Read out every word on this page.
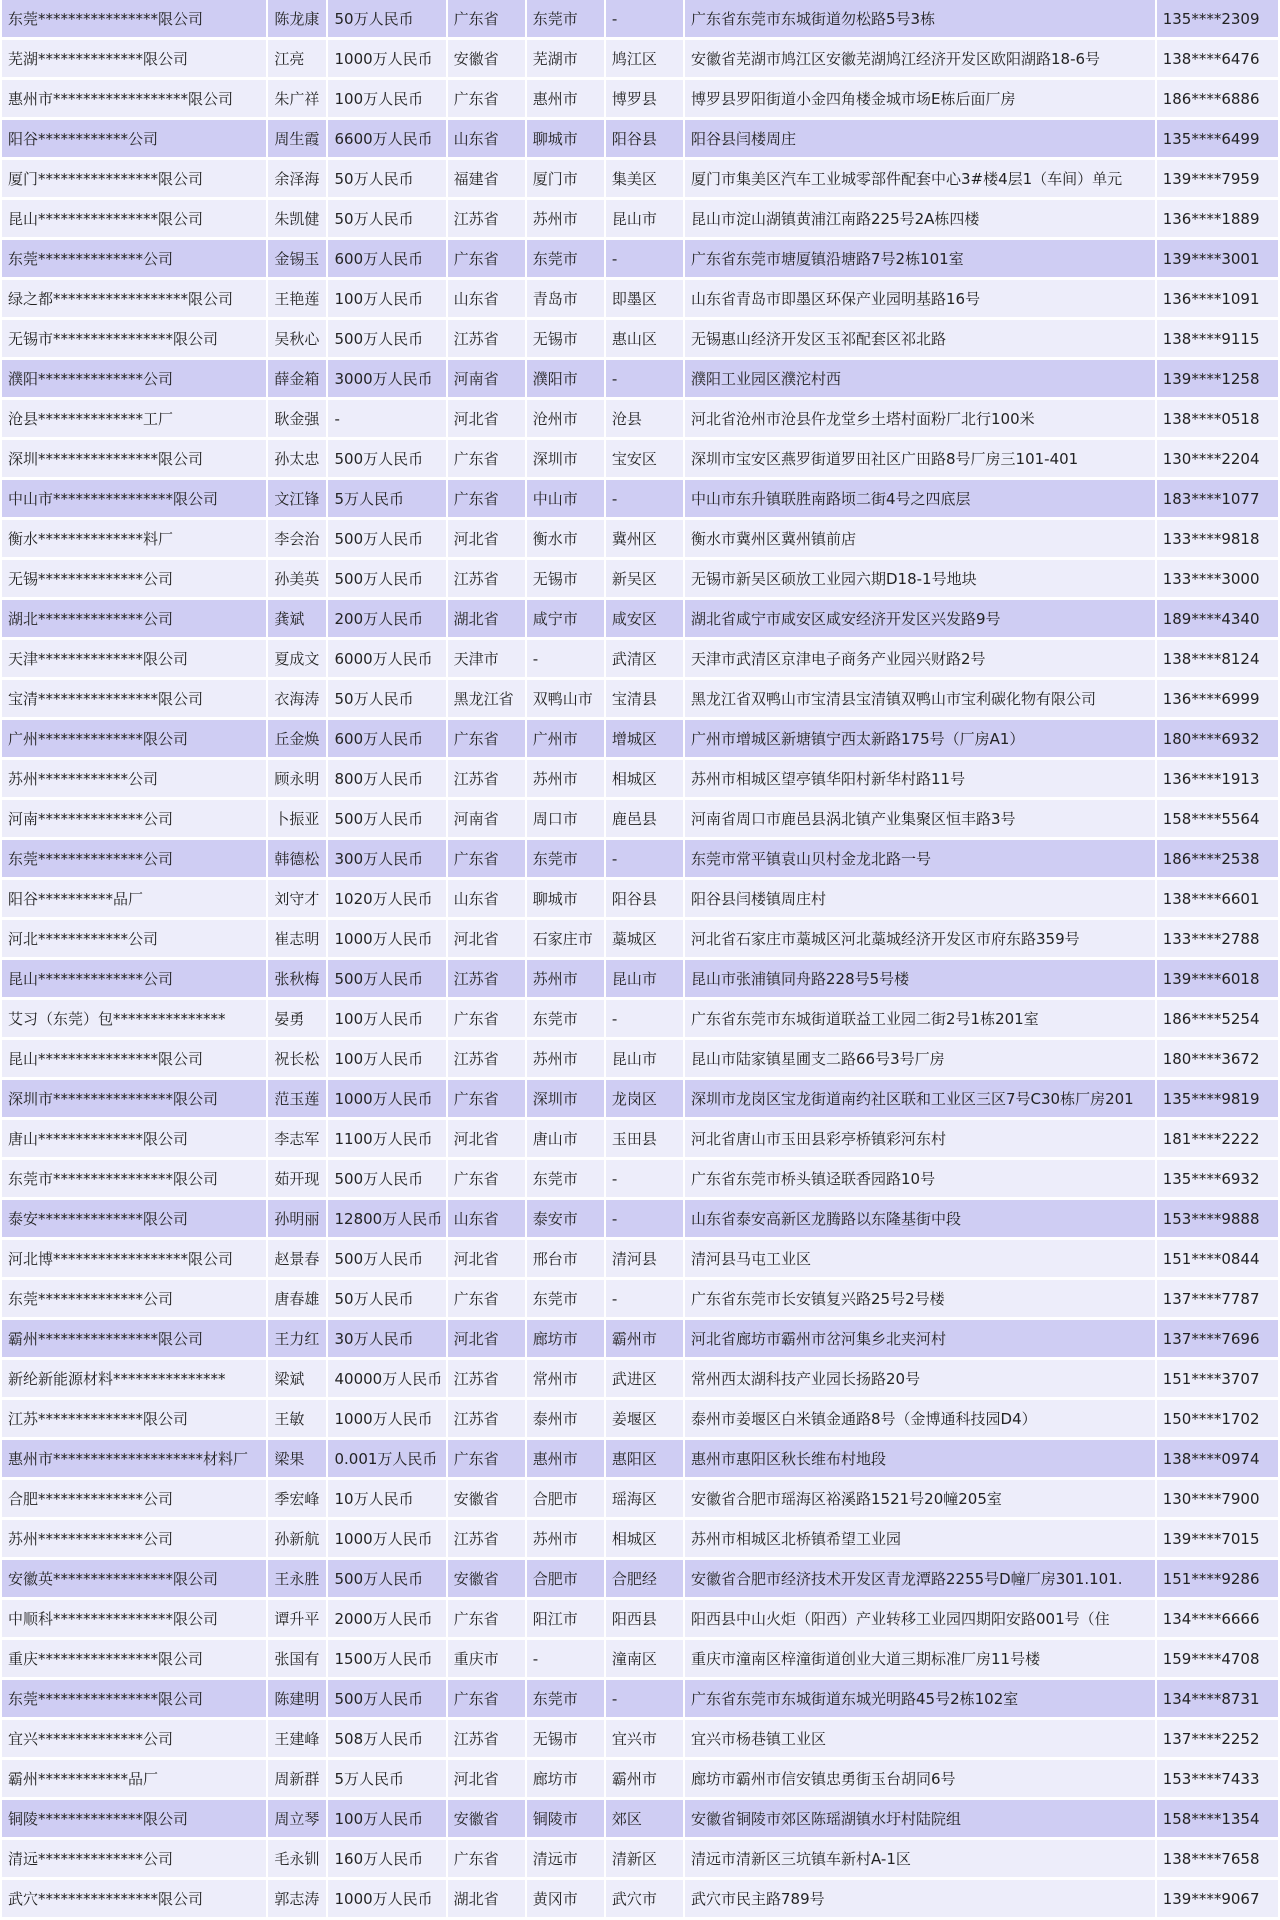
东莞****************限公司	陈龙康	50万人民币	广东省	东莞市	-	广东省东莞市东城街道勿松路5号3栋	135****2309
芜湖**************限公司	江亮	1000万人民币	安徽省	芜湖市	鸠江区	安徽省芜湖市鸠江区安徽芜湖鸠江经济开发区欧阳湖路18-6号	138****6476
惠州市******************限公司	朱广祥	100万人民币	广东省	惠州市	博罗县	博罗县罗阳街道小金四角楼金城市场E栋后面厂房	186****6886
阳谷************公司	周生霞	6600万人民币	山东省	聊城市	阳谷县	阳谷县闫楼周庄	135****6499
厦门****************限公司	余泽海	50万人民币	福建省	厦门市	集美区	厦门市集美区汽车工业城零部件配套中心3#楼4层1（车间）单元	139****7959
昆山****************限公司	朱凯健	50万人民币	江苏省	苏州市	昆山市	昆山市淀山湖镇黄浦江南路225号2A栋四楼	136****1889
东莞**************公司	金锡玉	600万人民币	广东省	东莞市	-	广东省东莞市塘厦镇沿塘路7号2栋101室	139****3001
绿之都******************限公司	王艳莲	100万人民币	山东省	青岛市	即墨区	山东省青岛市即墨区环保产业园明基路16号	136****1091
无锡市****************限公司	吴秋心	500万人民币	江苏省	无锡市	惠山区	无锡惠山经济开发区玉祁配套区祁北路	138****9115
濮阳**************公司	薛金箱	3000万人民币	河南省	濮阳市	-	濮阳工业园区濮沱村西	139****1258
沧县**************工厂	耿金强	-	河北省	沧州市	沧县	河北省沧州市沧县仵龙堂乡土塔村面粉厂北行100米	138****0518
深圳****************限公司	孙太忠	500万人民币	广东省	深圳市	宝安区	深圳市宝安区燕罗街道罗田社区广田路8号厂房三101-401	130****2204
中山市****************限公司	文江锋	5万人民币	广东省	中山市	-	中山市东升镇联胜南路顷二街4号之四底层	183****1077
衡水**************料厂	李会治	500万人民币	河北省	衡水市	冀州区	衡水市冀州区冀州镇前店	133****9818
无锡**************公司	孙美英	500万人民币	江苏省	无锡市	新吴区	无锡市新吴区硕放工业园六期D18-1号地块	133****3000
湖北**************公司	龚斌	200万人民币	湖北省	咸宁市	咸安区	湖北省咸宁市咸安区咸安经济开发区兴发路9号	189****4340
天津**************限公司	夏成文	6000万人民币	天津市	-	武清区	天津市武清区京津电子商务产业园兴财路2号	138****8124
宝清****************限公司	衣海涛	50万人民币	黑龙江省	双鸭山市	宝清县	黑龙江省双鸭山市宝清县宝清镇双鸭山市宝利碳化物有限公司	136****6999
广州**************限公司	丘金焕	600万人民币	广东省	广州市	增城区	广州市增城区新塘镇宁西太新路175号（厂房A1）	180****6932
苏州************公司	顾永明	800万人民币	江苏省	苏州市	相城区	苏州市相城区望亭镇华阳村新华村路11号	136****1913
河南**************公司	卜振亚	500万人民币	河南省	周口市	鹿邑县	河南省周口市鹿邑县涡北镇产业集聚区恒丰路3号	158****5564
东莞**************公司	韩德松	300万人民币	广东省	东莞市	-	东莞市常平镇袁山贝村金龙北路一号	186****2538
阳谷**********品厂	刘守才	1020万人民币	山东省	聊城市	阳谷县	阳谷县闫楼镇周庄村	138****6601
河北************公司	崔志明	1000万人民币	河北省	石家庄市	藁城区	河北省石家庄市藁城区河北藁城经济开发区市府东路359号	133****2788
昆山**************公司	张秋梅	500万人民币	江苏省	苏州市	昆山市	昆山市张浦镇同舟路228号5号楼	139****6018
艾习（东莞）包***************	晏勇	100万人民币	广东省	东莞市	-	广东省东莞市东城街道联益工业园二街2号1栋201室	186****5254
昆山****************限公司	祝长松	100万人民币	江苏省	苏州市	昆山市	昆山市陆家镇星圃支二路66号3号厂房	180****3672
深圳市****************限公司	范玉莲	1000万人民币	广东省	深圳市	龙岗区	深圳市龙岗区宝龙街道南约社区联和工业区三区7号C30栋厂房201	135****9819
唐山**************限公司	李志军	1100万人民币	河北省	唐山市	玉田县	河北省唐山市玉田县彩亭桥镇彩河东村	181****2222
东莞市****************限公司	茹开现	500万人民币	广东省	东莞市	-	广东省东莞市桥头镇迳联香园路10号	135****6932
泰安**************限公司	孙明丽	12800万人民币	山东省	泰安市	-	山东省泰安高新区龙腾路以东隆基街中段	153****9888
河北博******************限公司	赵景春	500万人民币	河北省	邢台市	清河县	清河县马屯工业区	151****0844
东莞**************公司	唐春雄	50万人民币	广东省	东莞市	-	广东省东莞市长安镇复兴路25号2号楼	137****7787
霸州****************限公司	王力红	30万人民币	河北省	廊坊市	霸州市	河北省廊坊市霸州市岔河集乡北夹河村	137****7696
新纶新能源材料***************	梁斌	40000万人民币	江苏省	常州市	武进区	常州西太湖科技产业园长扬路20号	151****3707
江苏**************限公司	王敏	1000万人民币	江苏省	泰州市	姜堰区	泰州市姜堰区白米镇金通路8号（金博通科技园D4）	150****1702
惠州市********************材料厂	梁果	0.001万人民币	广东省	惠州市	惠阳区	惠州市惠阳区秋长维布村地段	138****0974
合肥**************公司	季宏峰	10万人民币	安徽省	合肥市	瑶海区	安徽省合肥市瑶海区裕溪路1521号20幢205室	130****7900
苏州**************公司	孙新航	1000万人民币	江苏省	苏州市	相城区	苏州市相城区北桥镇希望工业园	139****7015
安徽英****************限公司	王永胜	500万人民币	安徽省	合肥市	合肥经	安徽省合肥市经济技术开发区青龙潭路2255号D幢厂房301.101.	151****9286
中顺科****************限公司	谭升平	2000万人民币	广东省	阳江市	阳西县	阳西县中山火炬（阳西）产业转移工业园四期阳安路001号（住	134****6666
重庆****************限公司	张国有	1500万人民币	重庆市	-	潼南区	重庆市潼南区梓潼街道创业大道三期标准厂房11号楼	159****4708
东莞****************限公司	陈建明	500万人民币	广东省	东莞市	-	广东省东莞市东城街道东城光明路45号2栋102室	134****8731
宜兴**************公司	王建峰	508万人民币	江苏省	无锡市	宜兴市	宜兴市杨巷镇工业区	137****2252
霸州************品厂	周新群	5万人民币	河北省	廊坊市	霸州市	廊坊市霸州市信安镇忠勇街玉台胡同6号	153****7433
铜陵**************限公司	周立琴	100万人民币	安徽省	铜陵市	郊区	安徽省铜陵市郊区陈瑶湖镇水圩村陆院组	158****1354
清远**************公司	毛永钏	160万人民币	广东省	清远市	清新区	清远市清新区三坑镇车新村A-1区	138****7658
武穴****************限公司	郭志涛	1000万人民币	湖北省	黄冈市	武穴市	武穴市民主路789号	139****9067
